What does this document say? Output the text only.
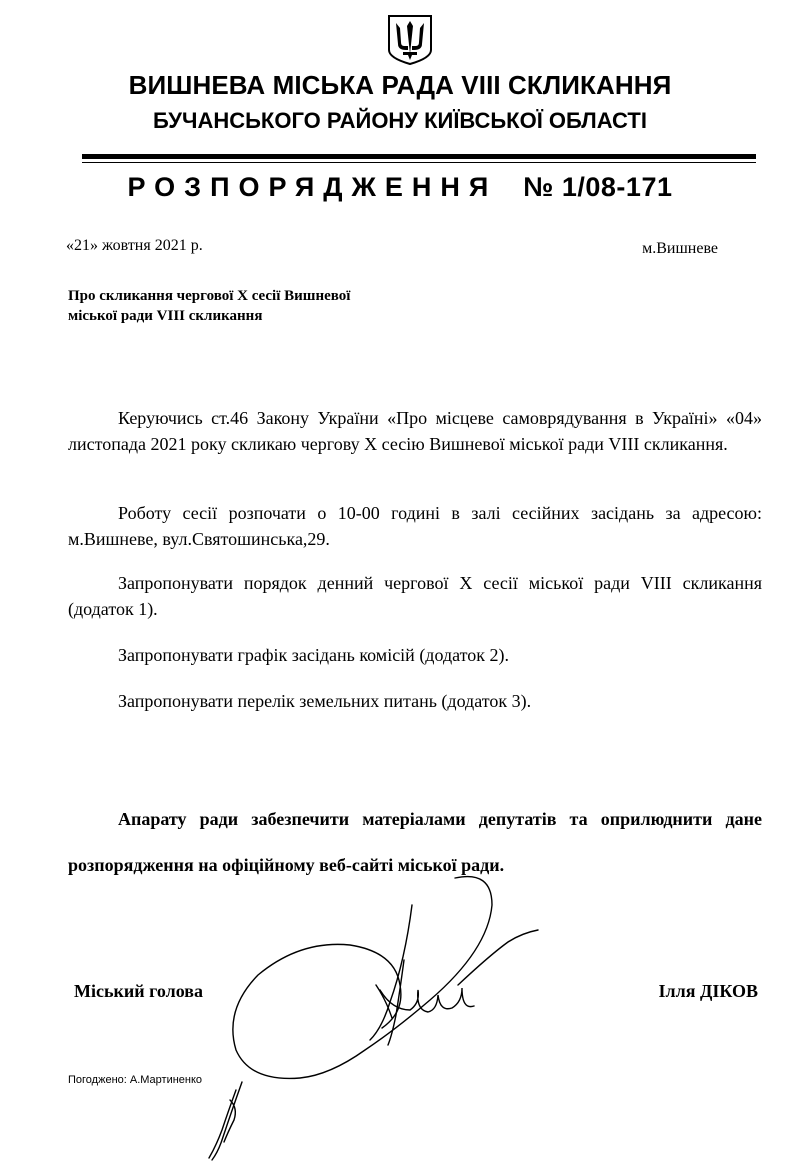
ВИШНЕВА МІСЬКА РАДА VIII СКЛИКАННЯ
БУЧАНСЬКОГО РАЙОНУ КИЇВСЬКОЇ ОБЛАСТІ
РОЗПОРЯДЖЕННЯ № 1/08-171
«21» жовтня 2021 р.	м.Вишневе
Про скликання чергової X сесії Вишневої
міської ради VIII скликання

Керуючись ст.46 Закону України «Про місцеве самоврядування в Україні» «04» листопада 2021 року скликаю чергову X сесію Вишневої міської ради VIII скликання.

Роботу сесії розпочати о 10-00 годині в залі сесійних засідань за адресою: м.Вишневе, вул.Святошинська,29.

Запропонувати порядок денний чергової X сесії міської ради VIII скликання (додаток 1).

Запропонувати графік засідань комісій (додаток 2).

Запропонувати перелік земельних питань (додаток 3).

Апарату ради забезпечити матеріалами депутатів та оприлюднити дане розпорядження на офіційному веб-сайті міської ради.

Міський голова	Ілля ДІКОВ
Погоджено: А.Мартиненко
